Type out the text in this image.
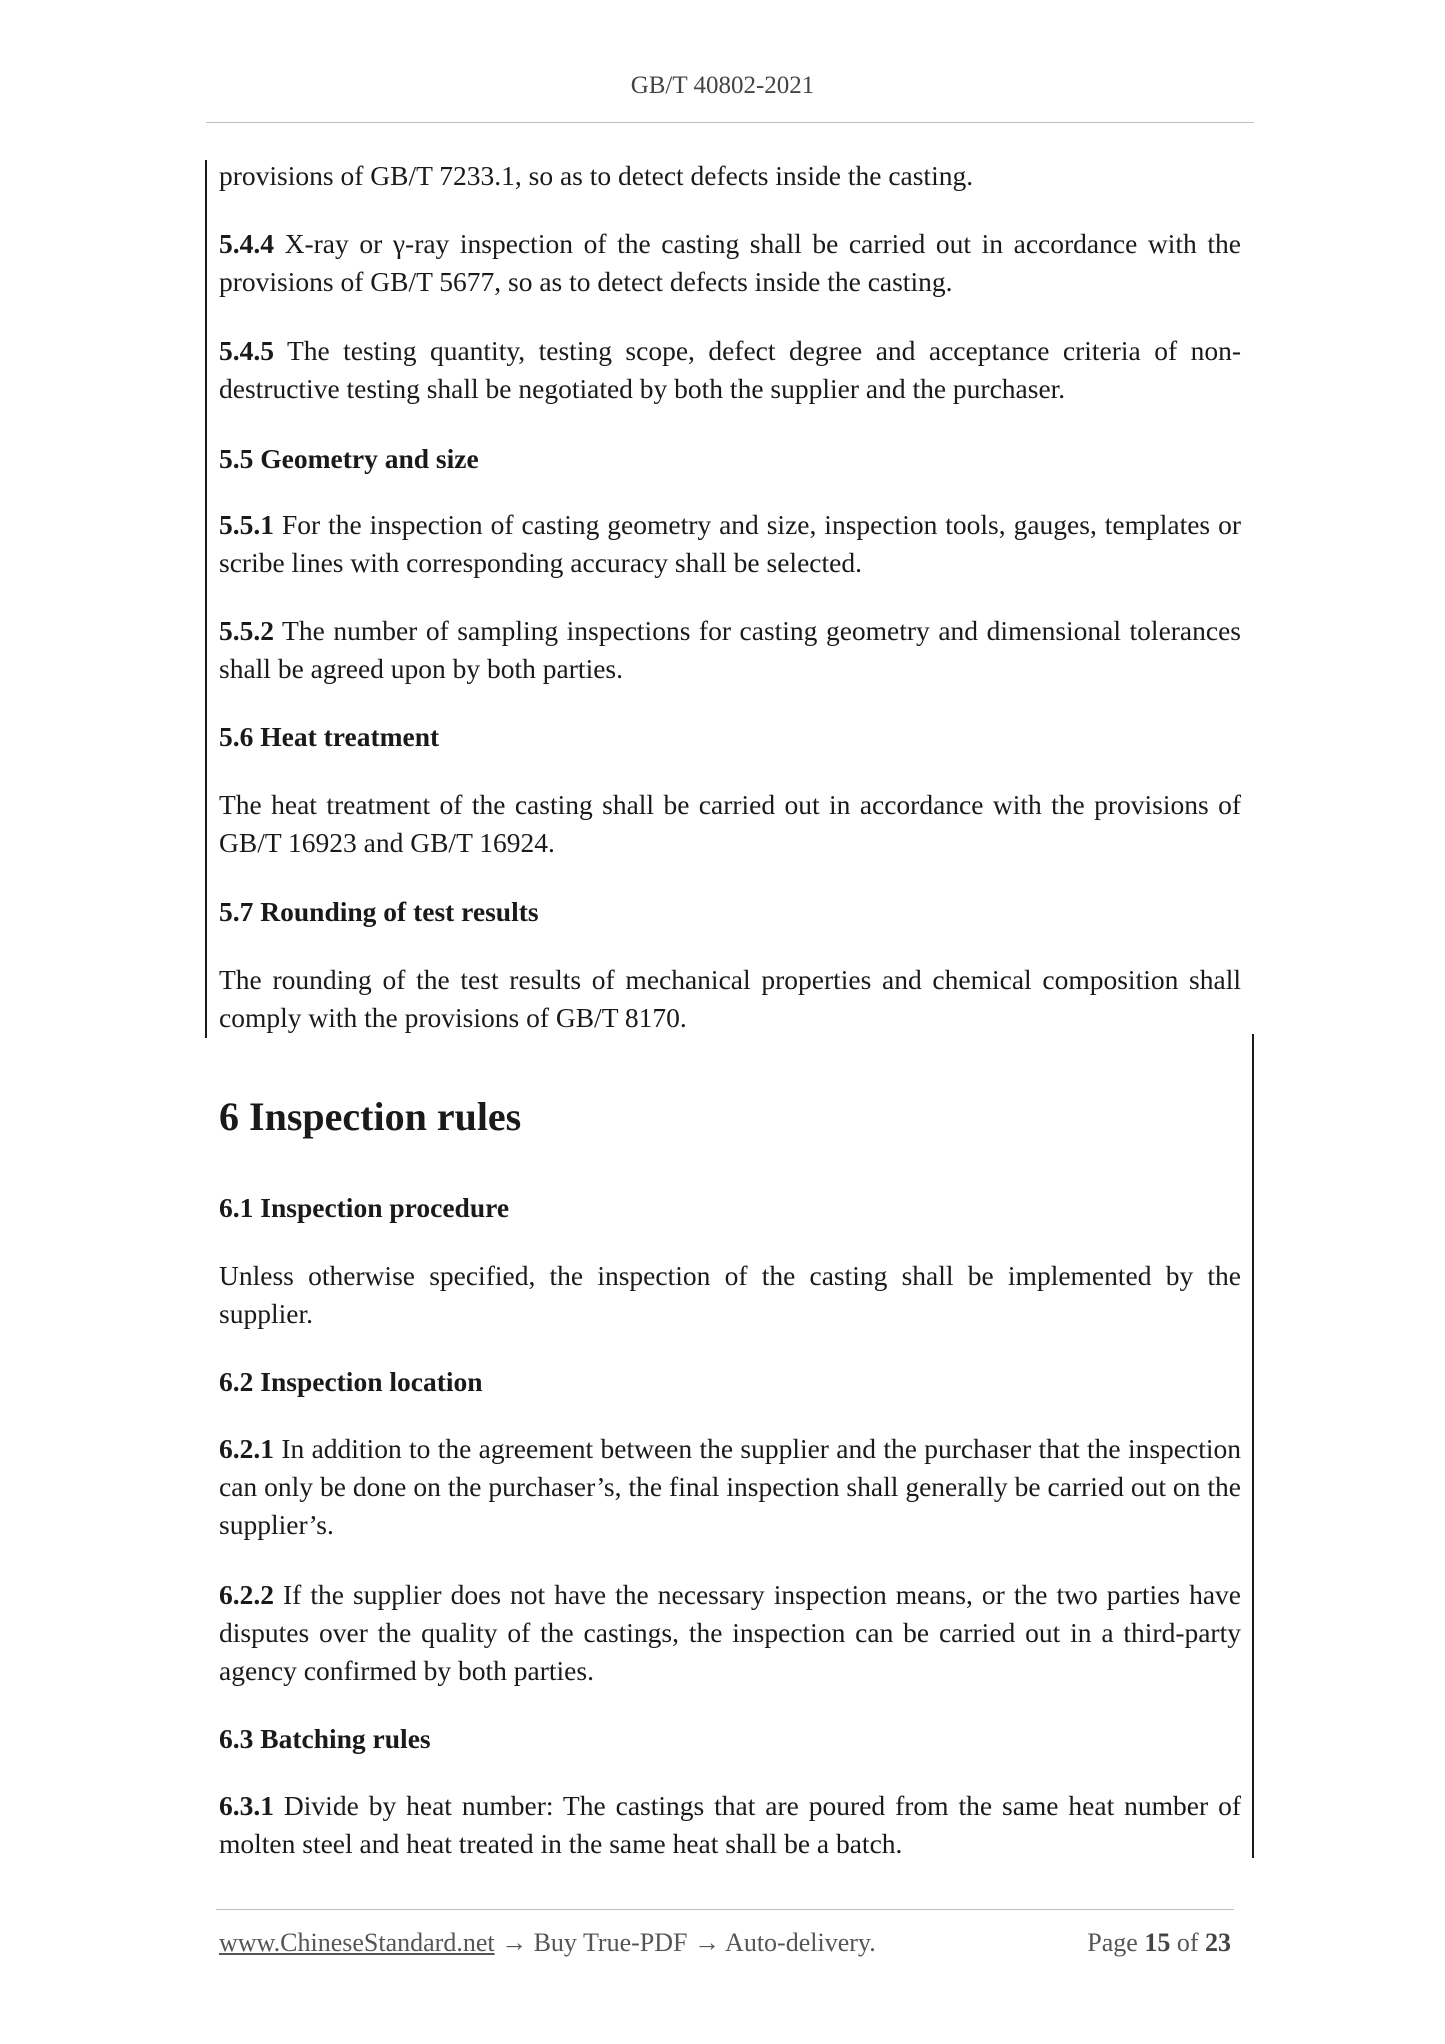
GB/T 40802-2021

provisions of GB/T 7233.1, so as to detect defects inside the casting.

5.4.4 X-ray or γ-ray inspection of the casting shall be carried out in accordance with the provisions of GB/T 5677, so as to detect defects inside the casting.

5.4.5 The testing quantity, testing scope, defect degree and acceptance criteria of non-destructive testing shall be negotiated by both the supplier and the purchaser.

5.5 Geometry and size

5.5.1 For the inspection of casting geometry and size, inspection tools, gauges, templates or scribe lines with corresponding accuracy shall be selected.

5.5.2 The number of sampling inspections for casting geometry and dimensional tolerances shall be agreed upon by both parties.

5.6 Heat treatment

The heat treatment of the casting shall be carried out in accordance with the provisions of GB/T 16923 and GB/T 16924.

5.7 Rounding of test results

The rounding of the test results of mechanical properties and chemical composition shall comply with the provisions of GB/T 8170.

6 Inspection rules

6.1 Inspection procedure

Unless otherwise specified, the inspection of the casting shall be implemented by the supplier.

6.2 Inspection location

6.2.1 In addition to the agreement between the supplier and the purchaser that the inspection can only be done on the purchaser’s, the final inspection shall generally be carried out on the supplier’s.

6.2.2 If the supplier does not have the necessary inspection means, or the two parties have disputes over the quality of the castings, the inspection can be carried out in a third-party agency confirmed by both parties.

6.3 Batching rules

6.3.1 Divide by heat number: The castings that are poured from the same heat number of molten steel and heat treated in the same heat shall be a batch.

www.ChineseStandard.net → Buy True-PDF → Auto-delivery.	Page 15 of 23
